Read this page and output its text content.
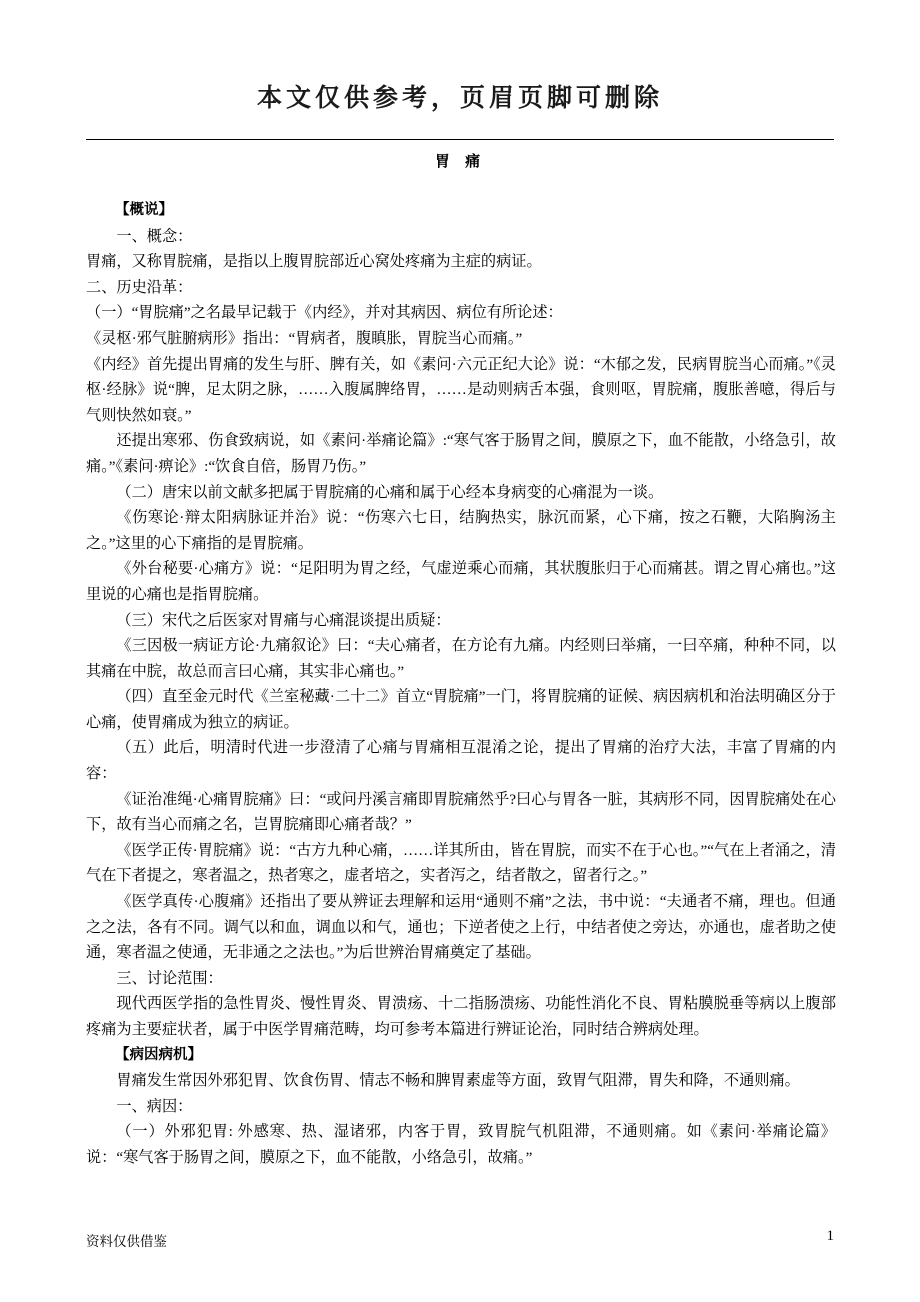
本文仅供参考，页眉页脚可删除
胃 痛

【概说】

一、概念：

胃痛，又称胃脘痛，是指以上腹胃脘部近心窝处疼痛为主症的病证。

二、历史沿革：

（一）“胃脘痛”之名最早记载于《内经》，并对其病因、病位有所论述：

《灵枢·邪气脏腑病形》指出：“胃病者，腹瞋胀，胃脘当心而痛。”

《内经》首先提出胃痛的发生与肝、脾有关，如《素问·六元正纪大论》说：“木郁之发，民病胃脘当心而痛。”《灵枢·经脉》说“脾，足太阴之脉，……入腹属脾络胃，……是动则病舌本强，食则呕，胃脘痛，腹胀善噫，得后与气则快然如衰。”

还提出寒邪、伤食致病说，如《素问·举痛论篇》:“寒气客于肠胃之间，膜原之下，血不能散，小络急引，故痛。”《素问·痹论》:“饮食自倍，肠胃乃伤。”

（二）唐宋以前文献多把属于胃脘痛的心痛和属于心经本身病变的心痛混为一谈。

《伤寒论·辩太阳病脉证并治》说：“伤寒六七日，结胸热实，脉沉而紧，心下痛，按之石鞭，大陷胸汤主之。”这里的心下痛指的是胃脘痛。

《外台秘要·心痛方》说：“足阳明为胃之经，气虚逆乘心而痛，其状腹胀归于心而痛甚。谓之胃心痛也。”这里说的心痛也是指胃脘痛。

（三）宋代之后医家对胃痛与心痛混谈提出质疑：

《三因极一病证方论·九痛叙论》曰：“夫心痛者，在方论有九痛。内经则曰举痛，一曰卒痛，种种不同，以其痛在中脘，故总而言曰心痛，其实非心痛也。”

（四）直至金元时代《兰室秘藏·二十二》首立“胃脘痛”一门，将胃脘痛的证候、病因病机和治法明确区分于心痛，使胃痛成为独立的病证。

（五）此后，明清时代进一步澄清了心痛与胃痛相互混淆之论，提出了胃痛的治疗大法，丰富了胃痛的内容：

《证治准绳·心痛胃脘痛》曰：“或问丹溪言痛即胃脘痛然乎?曰心与胃各一脏，其病形不同，因胃脘痛处在心下，故有当心而痛之名，岂胃脘痛即心痛者哉？”

《医学正传·胃脘痛》说：“古方九种心痛，……详其所由，皆在胃脘，而实不在于心也。”“气在上者涌之，清气在下者提之，寒者温之，热者寒之，虚者培之，实者泻之，结者散之，留者行之。”

《医学真传·心腹痛》还指出了要从辨证去理解和运用“通则不痛”之法，书中说：“夫通者不痛，理也。但通之之法，各有不同。调气以和血，调血以和气，通也；下逆者使之上行，中结者使之旁达，亦通也，虚者助之使通，寒者温之使通，无非通之之法也。”为后世辨治胃痛奠定了基础。

三、讨论范围：

现代西医学指的急性胃炎、慢性胃炎、胃溃疡、十二指肠溃疡、功能性消化不良、胃粘膜脱垂等病以上腹部疼痛为主要症状者，属于中医学胃痛范畴，均可参考本篇进行辨证论治，同时结合辨病处理。

【病因病机】

胃痛发生常因外邪犯胃、饮食伤胃、情志不畅和脾胃素虚等方面，致胃气阻滞，胃失和降，不通则痛。

一、病因：

（一）外邪犯胃: 外感寒、热、湿诸邪，内客于胃，致胃脘气机阻滞，不通则痛。如《素问·举痛论篇》说：“寒气客于肠胃之间，膜原之下，血不能散，小络急引，故痛。”

资料仅供借鉴	1
